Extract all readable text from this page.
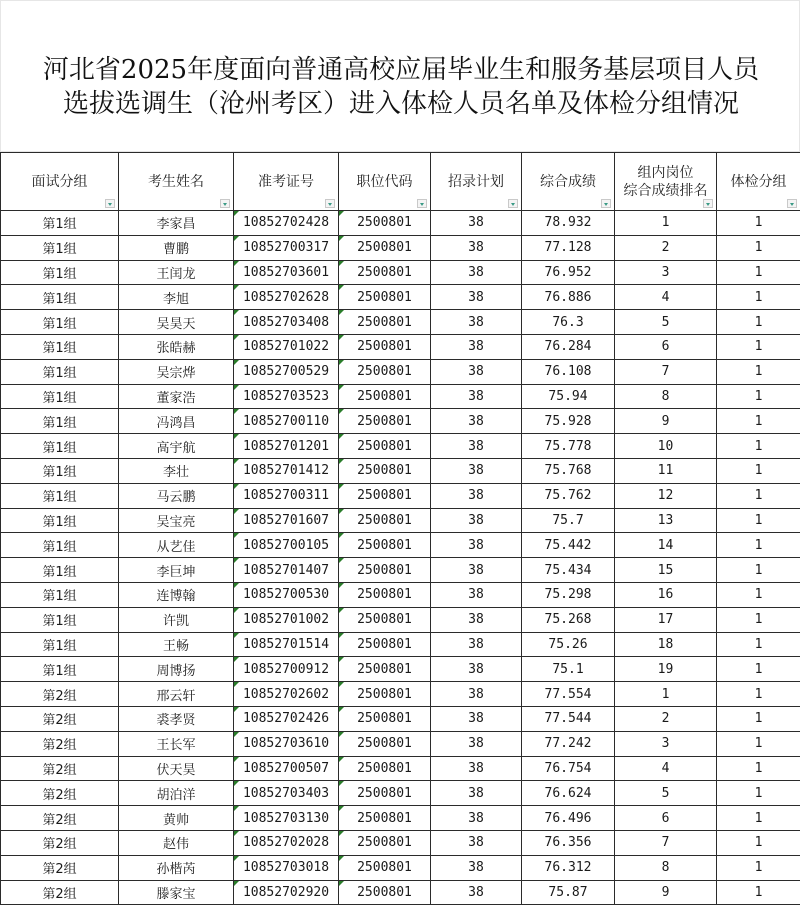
河北省2025年度面向普通高校应届毕业生和服务基层项目人员
选拔选调生（沧州考区）进入体检人员名单及体检分组情况
面试分组	考生姓名	准考证号	职位代码	招录计划	综合成绩	组内岗位
综合成绩排名	体检分组

第1组	李家昌	10852702428	2500801	38	78.932	1	1
第1组	曹鹏	10852700317	2500801	38	77.128	2	1
第1组	王闰龙	10852703601	2500801	38	76.952	3	1
第1组	李旭	10852702628	2500801	38	76.886	4	1
第1组	吴昊天	10852703408	2500801	38	76.3	5	1
第1组	张皓赫	10852701022	2500801	38	76.284	6	1
第1组	吴宗烨	10852700529	2500801	38	76.108	7	1
第1组	董家浩	10852703523	2500801	38	75.94	8	1
第1组	冯鸿昌	10852700110	2500801	38	75.928	9	1
第1组	高宇航	10852701201	2500801	38	75.778	10	1
第1组	李壮	10852701412	2500801	38	75.768	11	1
第1组	马云鹏	10852700311	2500801	38	75.762	12	1
第1组	吴宝亮	10852701607	2500801	38	75.7	13	1
第1组	从艺佳	10852700105	2500801	38	75.442	14	1
第1组	李巨坤	10852701407	2500801	38	75.434	15	1
第1组	连博翰	10852700530	2500801	38	75.298	16	1
第1组	许凯	10852701002	2500801	38	75.268	17	1
第1组	王畅	10852701514	2500801	38	75.26	18	1
第1组	周博扬	10852700912	2500801	38	75.1	19	1
第2组	邢云轩	10852702602	2500801	38	77.554	1	1
第2组	裘孝贤	10852702426	2500801	38	77.544	2	1
第2组	王长军	10852703610	2500801	38	77.242	3	1
第2组	伏天昊	10852700507	2500801	38	76.754	4	1
第2组	胡泊洋	10852703403	2500801	38	76.624	5	1
第2组	黄帅	10852703130	2500801	38	76.496	6	1
第2组	赵伟	10852702028	2500801	38	76.356	7	1
第2组	孙楷芮	10852703018	2500801	38	76.312	8	1
第2组	滕家宝	10852702920	2500801	38	75.87	9	1
